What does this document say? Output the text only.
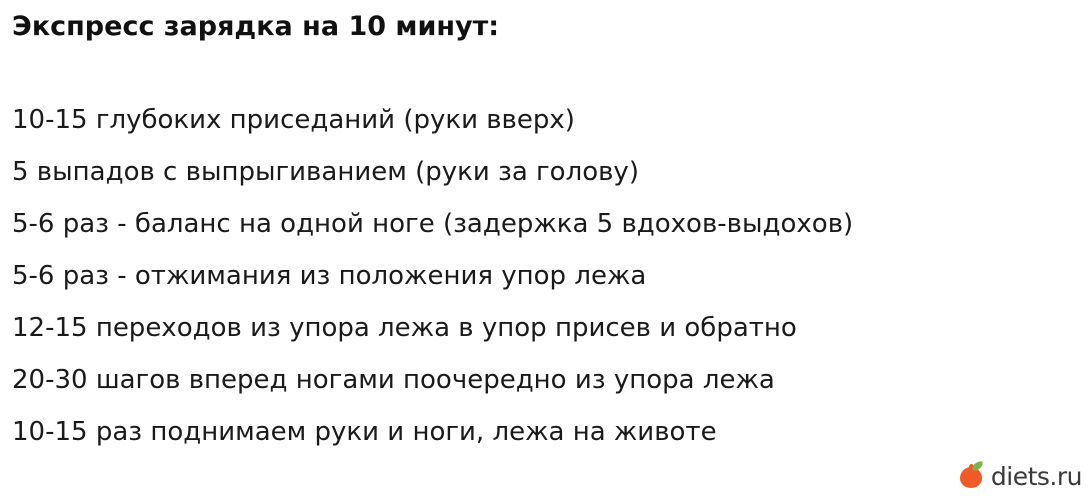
Экспресс зарядка на 10 минут:
10-15 глубоких приседаний (руки вверх)
5 выпадов с выпрыгиванием (руки за голову)
5-6 раз - баланс на одной ноге (задержка 5 вдохов-выдохов)
5-6 раз - отжимания из положения упор лежа
12-15 переходов из упора лежа в упор присев и обратно
20-30 шагов вперед ногами поочередно из упора лежа
10-15 раз поднимаем руки и ноги, лежа на животе
diets.ru
